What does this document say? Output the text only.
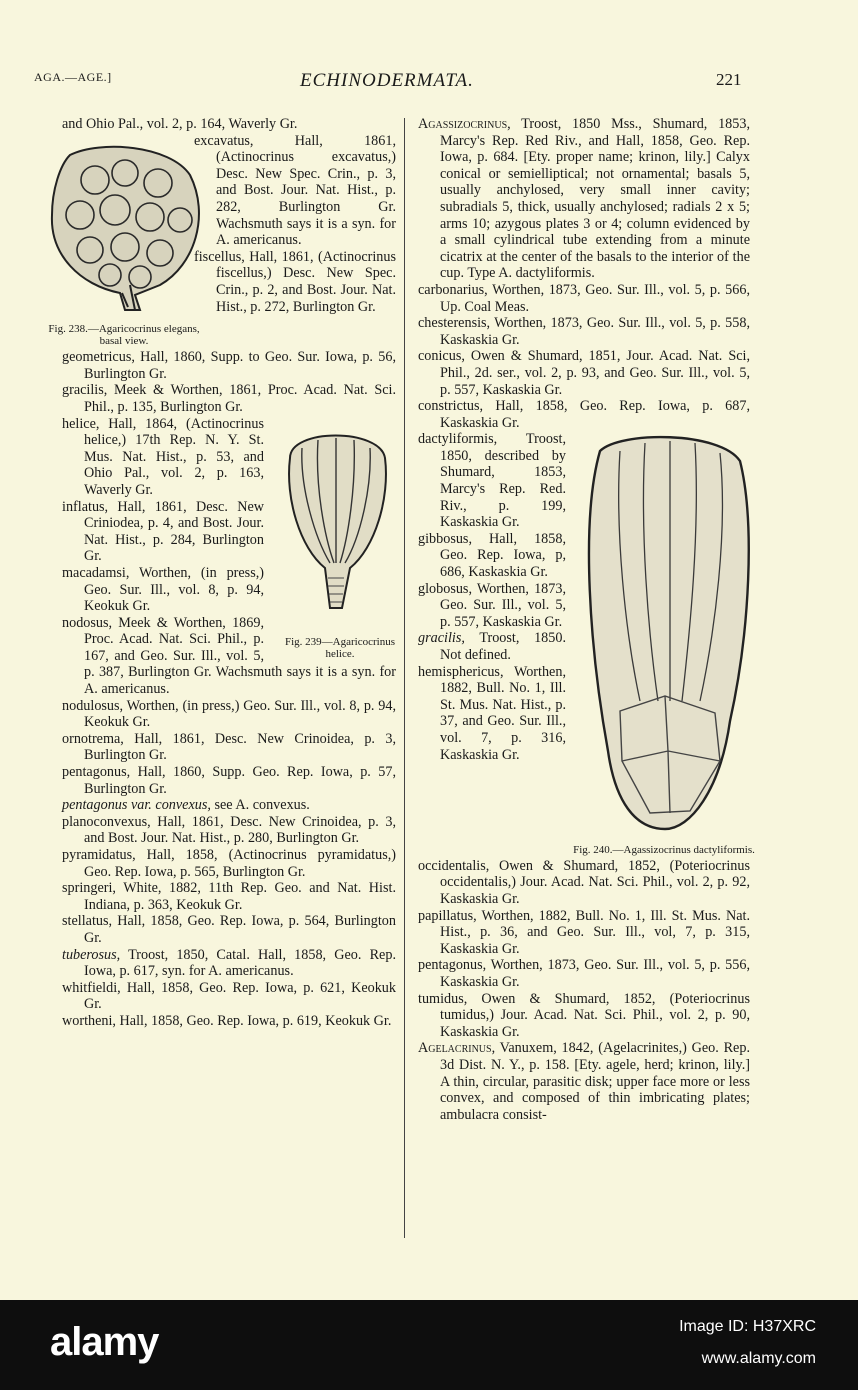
AGA.—AGE.]	ECHINODERMATA.	221

and Ohio Pal., vol. 2, p. 164, Waverly Gr.

Fig. 238.—Agaricocrinus elegans, basal view.

excavatus, Hall, 1861, (Actinocrinus excavatus,) Desc. New Spec. Crin., p. 3, and Bost. Jour. Nat. Hist., p. 282, Burlington Gr. Wachsmuth says it is a syn. for A. americanus.

fiscellus, Hall, 1861, (Actinocrinus fiscellus,) Desc. New Spec. Crin., p. 2, and Bost. Jour. Nat. Hist., p. 272, Burlington Gr.

geometricus, Hall, 1860, Supp. to Geo. Sur. Iowa, p. 56, Burlington Gr.

gracilis, Meek & Worthen, 1861, Proc. Acad. Nat. Sci. Phil., p. 135, Burlington Gr.

Fig. 239—Agaricocrinus helice.

helice, Hall, 1864, (Actinocrinus helice,) 17th Rep. N. Y. St. Mus. Nat. Hist., p. 53, and Ohio Pal., vol. 2, p. 163, Waverly Gr.

inflatus, Hall, 1861, Desc. New Criniodea, p. 4, and Bost. Jour. Nat. Hist., p. 284, Burlington Gr.

macadamsi, Worthen, (in press,) Geo. Sur. Ill., vol. 8, p. 94, Keokuk Gr.

nodosus, Meek & Worthen, 1869, Proc. Acad. Nat. Sci. Phil., p. 167, and Geo. Sur. Ill., vol. 5, p. 387, Burlington Gr. Wachsmuth says it is a syn. for A. americanus.

nodulosus, Worthen, (in press,) Geo. Sur. Ill., vol. 8, p. 94, Keokuk Gr.

ornotrema, Hall, 1861, Desc. New Crinoidea, p. 3, Burlington Gr.

pentagonus, Hall, 1860, Supp. Geo. Rep. Iowa, p. 57, Burlington Gr.

pentagonus var. convexus, see A. convexus.

planoconvexus, Hall, 1861, Desc. New Crinoidea, p. 3, and Bost. Jour. Nat. Hist., p. 280, Burlington Gr.

pyramidatus, Hall, 1858, (Actinocrinus pyramidatus,) Geo. Rep. Iowa, p. 565, Burlington Gr.

springeri, White, 1882, 11th Rep. Geo. and Nat. Hist. Indiana, p. 363, Keokuk Gr.

stellatus, Hall, 1858, Geo. Rep. Iowa, p. 564, Burlington Gr.

tuberosus, Troost, 1850, Catal. Hall, 1858, Geo. Rep. Iowa, p. 617, syn. for A. americanus.

whitfieldi, Hall, 1858, Geo. Rep. Iowa, p. 621, Keokuk Gr.

wortheni, Hall, 1858, Geo. Rep. Iowa, p. 619, Keokuk Gr.

Agassizocrinus, Troost, 1850 Mss., Shumard, 1853, Marcy's Rep. Red Riv., and Hall, 1858, Geo. Rep. Iowa, p. 684. [Ety. proper name; krinon, lily.] Calyx conical or semielliptical; not ornamental; basals 5, usually anchylosed, very small inner cavity; subradials 5, thick, usually anchylosed; radials 2 x 5; arms 10; azygous plates 3 or 4; column evidenced by a small cylindrical tube extending from a minute cicatrix at the center of the basals to the interior of the cup. Type A. dactyliformis.

carbonarius, Worthen, 1873, Geo. Sur. Ill., vol. 5, p. 566, Up. Coal Meas.

chesterensis, Worthen, 1873, Geo. Sur. Ill., vol. 5, p. 558, Kaskaskia Gr.

conicus, Owen & Shumard, 1851, Jour. Acad. Nat. Sci, Phil., 2d. ser., vol. 2, p. 93, and Geo. Sur. Ill., vol. 5, p. 557, Kaskaskia Gr.

constrictus, Hall, 1858, Geo. Rep. Iowa, p. 687, Kaskaskia Gr.

Fig. 240.—Agassizocrinus dactyliformis.

dactyliformis, Troost, 1850, described by Shumard, 1853, Marcy's Rep. Red. Riv., p. 199, Kaskaskia Gr.

gibbosus, Hall, 1858, Geo. Rep. Iowa, p, 686, Kaskaskia Gr.

globosus, Worthen, 1873, Geo. Sur. Ill., vol. 5, p. 557, Kaskaskia Gr.

gracilis, Troost, 1850. Not defined.

hemisphericus, Worthen, 1882, Bull. No. 1, Ill. St. Mus. Nat. Hist., p. 37, and Geo. Sur. Ill., vol. 7, p. 316, Kaskaskia Gr.

occidentalis, Owen & Shumard, 1852, (Poteriocrinus occidentalis,) Jour. Acad. Nat. Sci. Phil., vol. 2, p. 92, Kaskaskia Gr.

papillatus, Worthen, 1882, Bull. No. 1, Ill. St. Mus. Nat. Hist., p. 36, and Geo. Sur. Ill., vol, 7, p. 315, Kaskaskia Gr.

pentagonus, Worthen, 1873, Geo. Sur. Ill., vol. 5, p. 556, Kaskaskia Gr.

tumidus, Owen & Shumard, 1852, (Poteriocrinus tumidus,) Jour. Acad. Nat. Sci. Phil., vol. 2, p. 90, Kaskaskia Gr.

Agelacrinus, Vanuxem, 1842, (Agelacrinites,) Geo. Rep. 3d Dist. N. Y., p. 158. [Ety. agele, herd; krinon, lily.] A thin, circular, parasitic disk; upper face more or less convex, and composed of thin imbricating plates; ambulacra consist-

alamy	Image ID: H37XRC
www.alamy.com
